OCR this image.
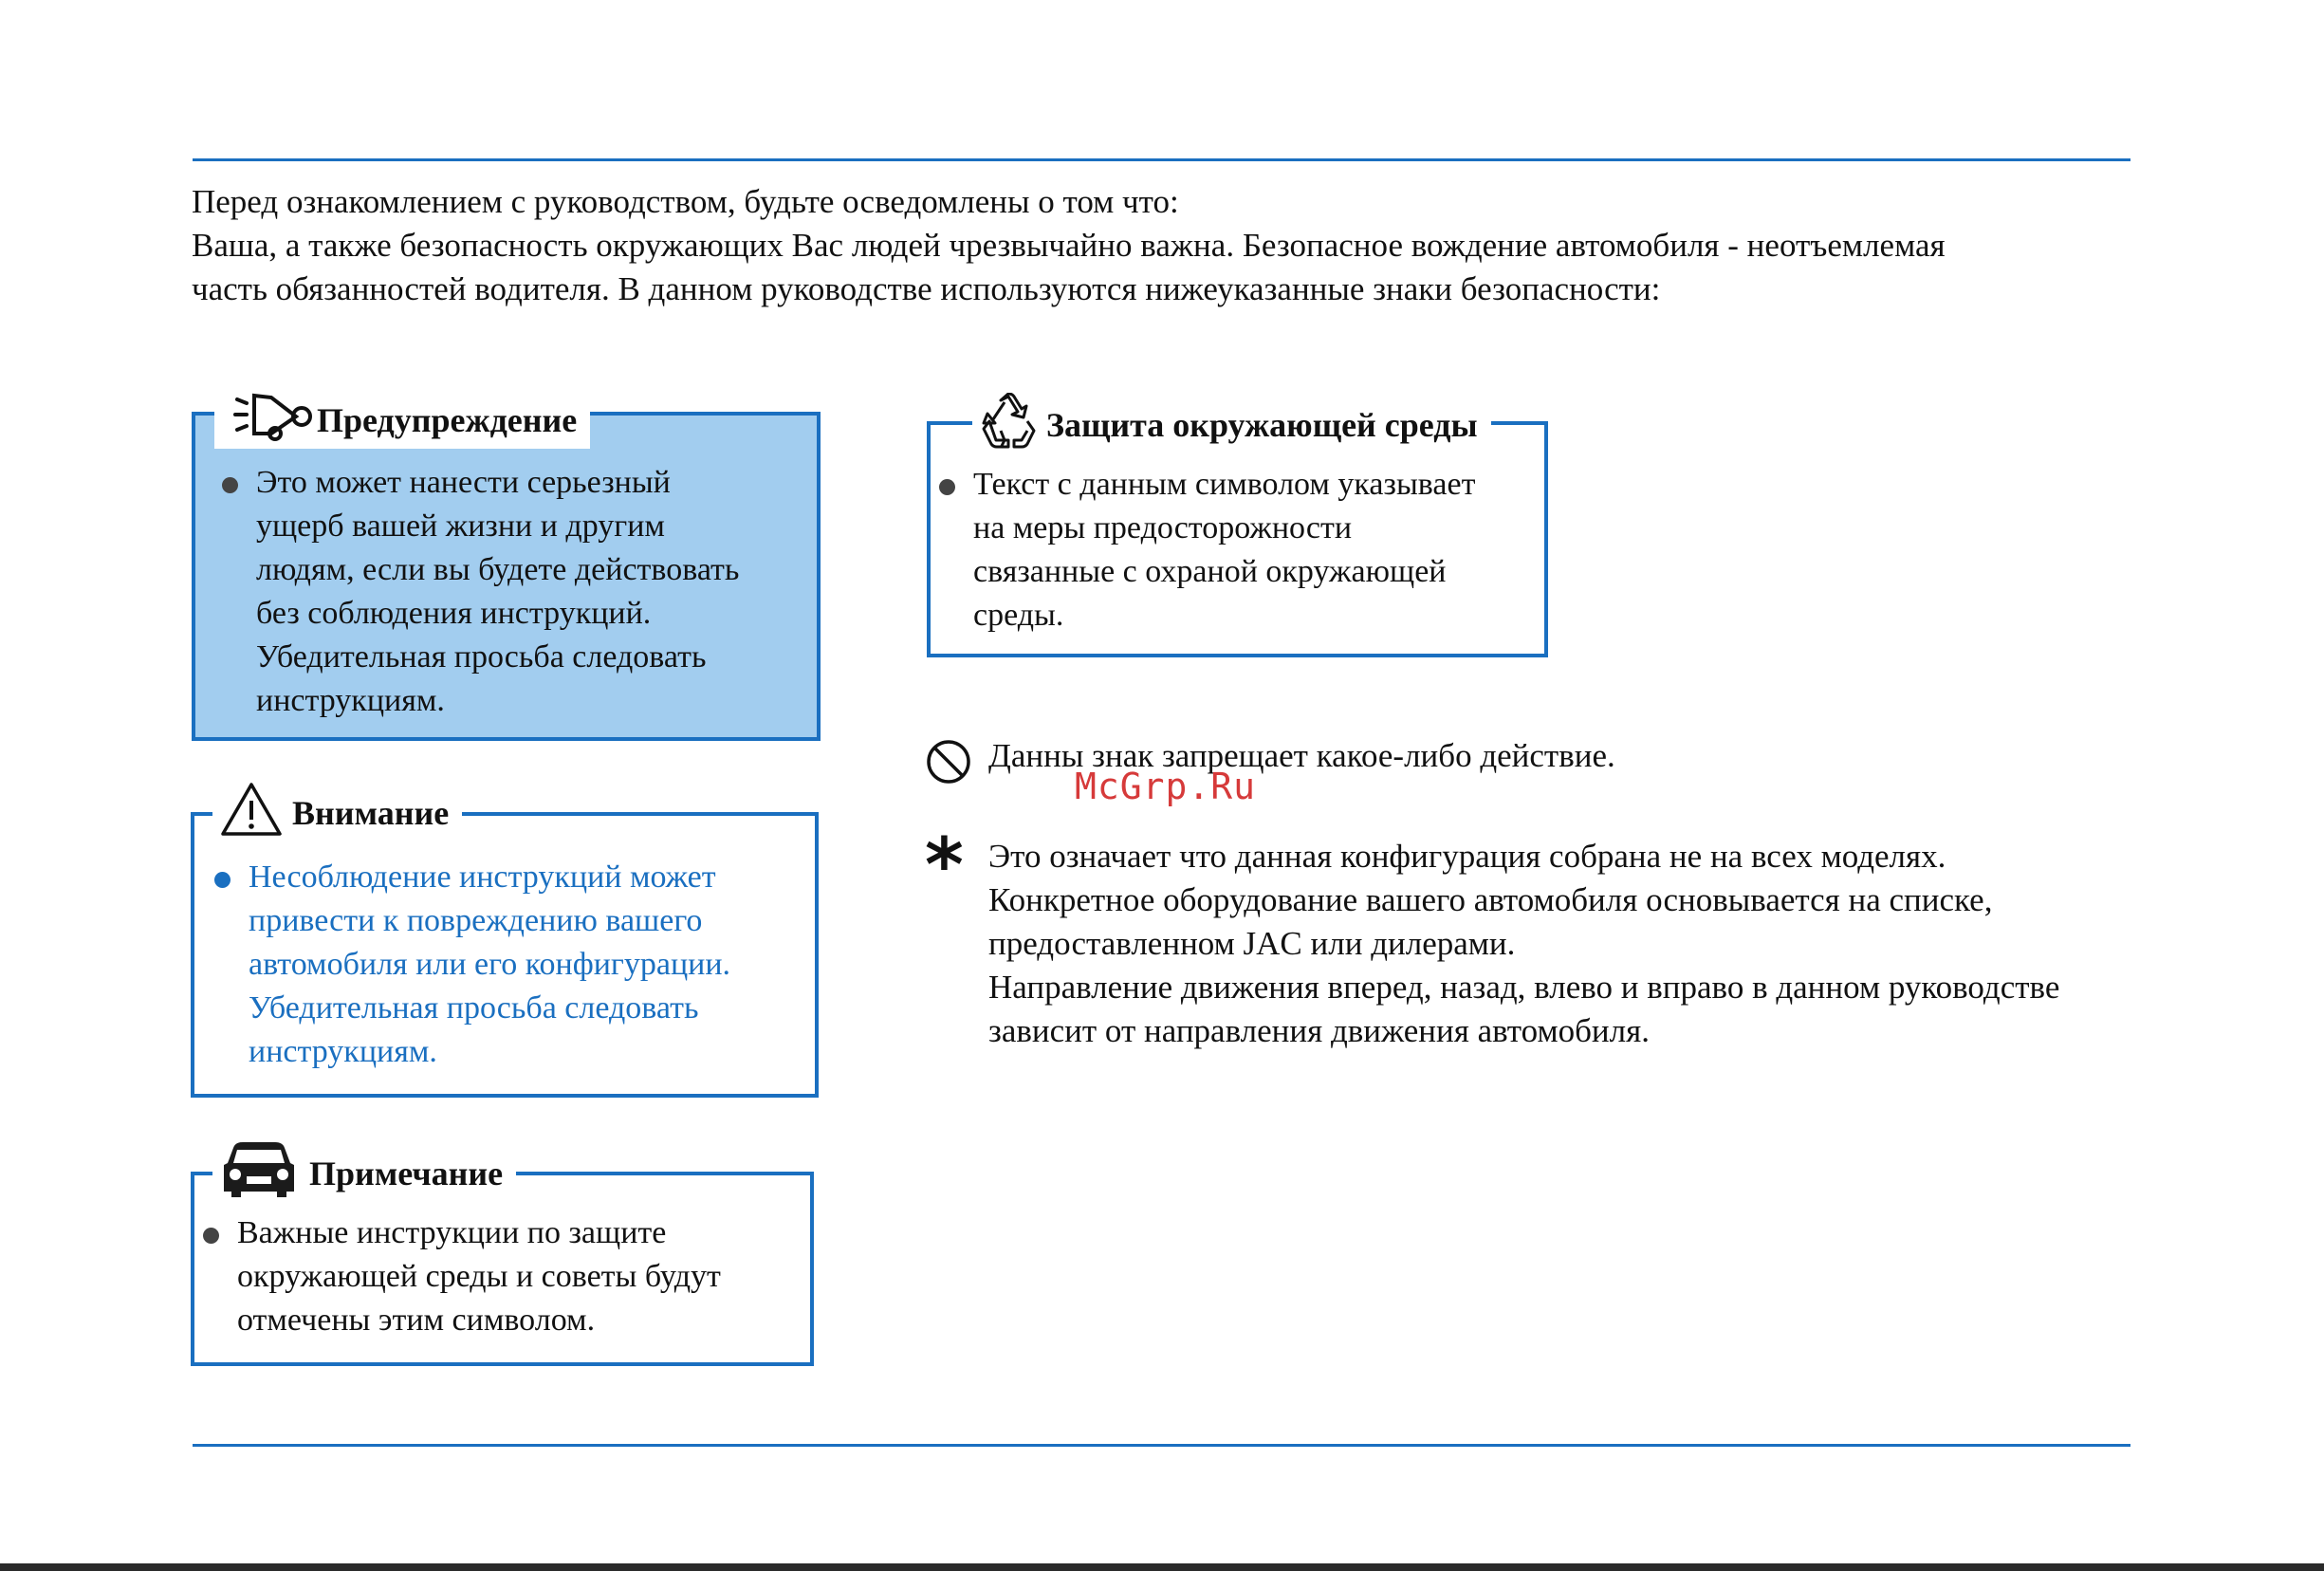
Перед ознакомлением с руководством, будьте осведомлены о том что:

Ваша, а также безопасность окружающих Вас людей чрезвычайно важна. Безопасное вождение автомобиля - неотъемлемая

часть обязанностей водителя. В данном руководстве используются нижеуказанные знаки безопасности:

Предупреждение
Это может нанести серьезный
ущерб вашей жизни и другим
людям, если вы будете действовать
без соблюдения инструкций.
Убедительная просьба следовать
инструкциям.
Внимание
Несоблюдение инструкций может
привести к повреждению вашего
автомобиля или его конфигурации.
Убедительная просьба следовать
инструкциям.
Примечание
Важные инструкции по защите
окружающей среды и советы будут
отмечены этим символом.
Защита окружающей среды
Текст с данным символом указывает
на меры предосторожности
связанные с охраной окружающей
среды.
Данны знак запрещает какое-либо действие.
McGrp.Ru
* Это означает что данная конфигурация собрана не на всех моделях.
Конкретное оборудование вашего автомобиля основывается на списке,
предоставленном JAC или дилерами.
Направление движения вперед, назад, влево и вправо в данном руководстве
зависит от направления движения автомобиля.
